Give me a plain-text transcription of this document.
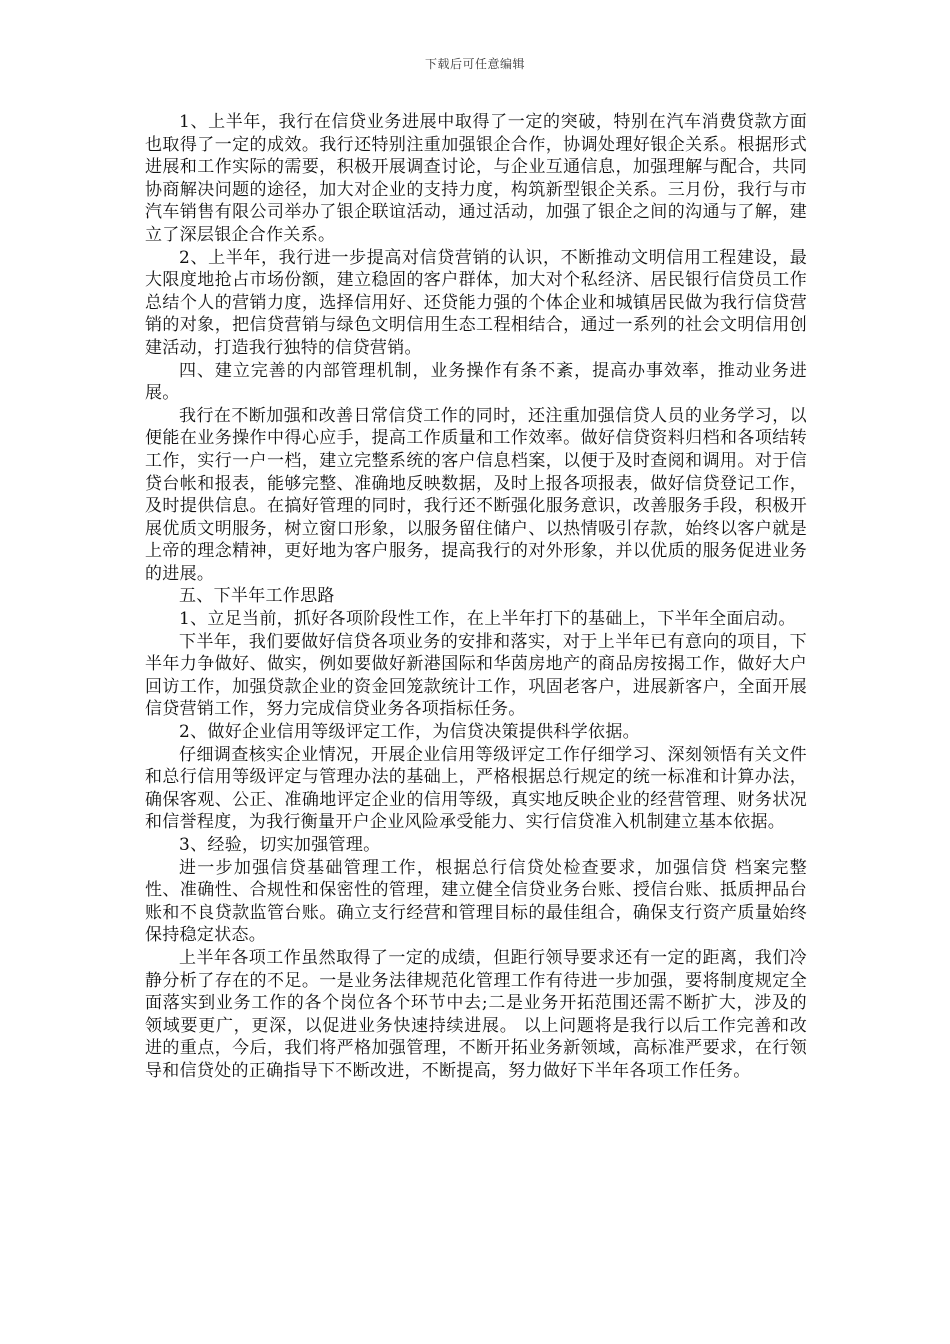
下载后可任意编辑

1、上半年，我行在信贷业务进展中取得了一定的突破，特别在汽车消费贷款方面也取得了一定的成效。我行还特别注重加强银企合作，协调处理好银企关系。根据形式进展和工作实际的需要，积极开展调查讨论，与企业互通信息，加强理解与配合，共同协商解决问题的途径，加大对企业的支持力度，构筑新型银企关系。三月份，我行与市汽车销售有限公司举办了银企联谊活动，通过活动，加强了银企之间的沟通与了解，建立了深层银企合作关系。

2、上半年，我行进一步提高对信贷营销的认识，不断推动文明信用工程建设，最大限度地抢占市场份额，建立稳固的客户群体，加大对个私经济、居民银行信贷员工作总结个人的营销力度，选择信用好、还贷能力强的个体企业和城镇居民做为我行信贷营销的对象，把信贷营销与绿色文明信用生态工程相结合，通过一系列的社会文明信用创建活动，打造我行独特的信贷营销。

四、建立完善的内部管理机制，业务操作有条不紊，提高办事效率，推动业务进展。

我行在不断加强和改善日常信贷工作的同时，还注重加强信贷人员的业务学习，以便能在业务操作中得心应手，提高工作质量和工作效率。做好信贷资料归档和各项结转工作，实行一户一档，建立完整系统的客户信息档案，以便于及时查阅和调用。对于信贷台帐和报表，能够完整、准确地反映数据，及时上报各项报表，做好信贷登记工作，及时提供信息。在搞好管理的同时，我行还不断强化服务意识，改善服务手段，积极开展优质文明服务，树立窗口形象，以服务留住储户、以热情吸引存款，始终以客户就是上帝的理念精神，更好地为客户服务，提高我行的对外形象，并以优质的服务促进业务的进展。

五、下半年工作思路

1、立足当前，抓好各项阶段性工作，在上半年打下的基础上，下半年全面启动。

下半年，我们要做好信贷各项业务的安排和落实，对于上半年已有意向的项目，下半年力争做好、做实，例如要做好新港国际和华茵房地产的商品房按揭工作，做好大户回访工作，加强贷款企业的资金回笼款统计工作，巩固老客户，进展新客户，全面开展信贷营销工作，努力完成信贷业务各项指标任务。

2、做好企业信用等级评定工作，为信贷决策提供科学依据。

仔细调查核实企业情况，开展企业信用等级评定工作仔细学习、深刻领悟有关文件和总行信用等级评定与管理办法的基础上，严格根据总行规定的统一标准和计算办法，确保客观、公正、准确地评定企业的信用等级，真实地反映企业的经营管理、财务状况和信誉程度，为我行衡量开户企业风险承受能力、实行信贷准入机制建立基本依据。

3、经验，切实加强管理。

进一步加强信贷基础管理工作，根据总行信贷处检查要求，加强信贷 档案完整性、准确性、合规性和保密性的管理，建立健全信贷业务台账、授信台账、抵质押品台账和不良贷款监管台账。确立支行经营和管理目标的最佳组合，确保支行资产质量始终保持稳定状态。

上半年各项工作虽然取得了一定的成绩，但距行领导要求还有一定的距离，我们冷静分析了存在的不足。一是业务法律规范化管理工作有待进一步加强，要将制度规定全面落实到业务工作的各个岗位各个环节中去;二是业务开拓范围还需不断扩大，涉及的领域要更广，更深，以促进业务快速持续进展。 以上问题将是我行以后工作完善和改进的重点，今后，我们将严格加强管理，不断开拓业务新领域，高标准严要求，在行领导和信贷处的正确指导下不断改进，不断提高，努力做好下半年各项工作任务。
